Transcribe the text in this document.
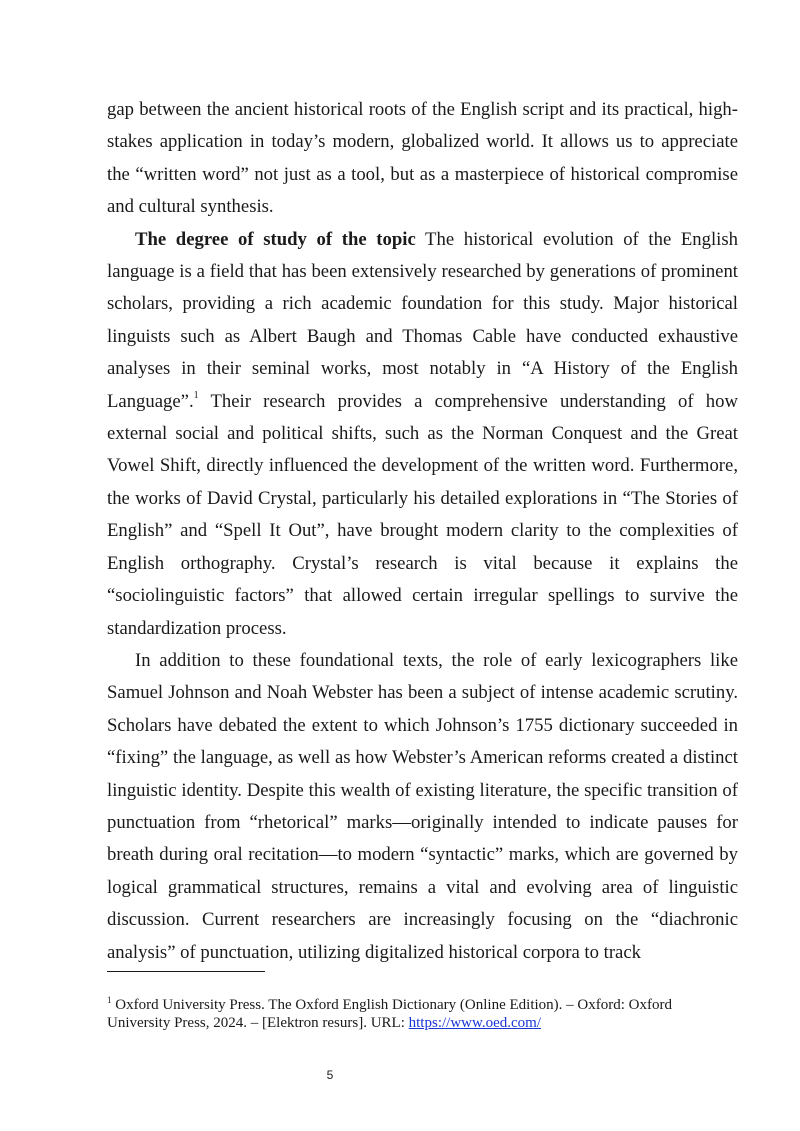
gap between the ancient historical roots of the English script and its practical, high-stakes application in today’s modern, globalized world. It allows us to appreciate the “written word” not just as a tool, but as a masterpiece of historical compromise and cultural synthesis.

The degree of study of the topic The historical evolution of the English language is a field that has been extensively researched by generations of prominent scholars, providing a rich academic foundation for this study. Major historical linguists such as Albert Baugh and Thomas Cable have conducted exhaustive analyses in their seminal works, most notably in “A History of the English Language”.$^1$ Their research provides a comprehensive understanding of how external social and political shifts, such as the Norman Conquest and the Great Vowel Shift, directly influenced the development of the written word. Furthermore, the works of David Crystal, particularly his detailed explorations in “The Stories of English” and “Spell It Out”, have brought modern clarity to the complexities of English orthography. Crystal’s research is vital because it explains the “sociolinguistic factors” that allowed certain irregular spellings to survive the standardization process.

In addition to these foundational texts, the role of early lexicographers like Samuel Johnson and Noah Webster has been a subject of intense academic scrutiny. Scholars have debated the extent to which Johnson’s 1755 dictionary succeeded in “fixing” the language, as well as how Webster’s American reforms created a distinct linguistic identity. Despite this wealth of existing literature, the specific transition of punctuation from “rhetorical” marks—originally intended to indicate pauses for breath during oral recitation—to modern “syntactic” marks, which are governed by logical grammatical structures, remains a vital and evolving area of linguistic discussion. Current researchers are increasingly focusing on the “diachronic analysis” of punctuation, utilizing digitalized historical corpora to track

$^1$ Oxford University Press. The Oxford English Dictionary (Online Edition). – Oxford: Oxford University Press, 2024. – [Elektron resurs]. URL: https://www.oed.com/
5
